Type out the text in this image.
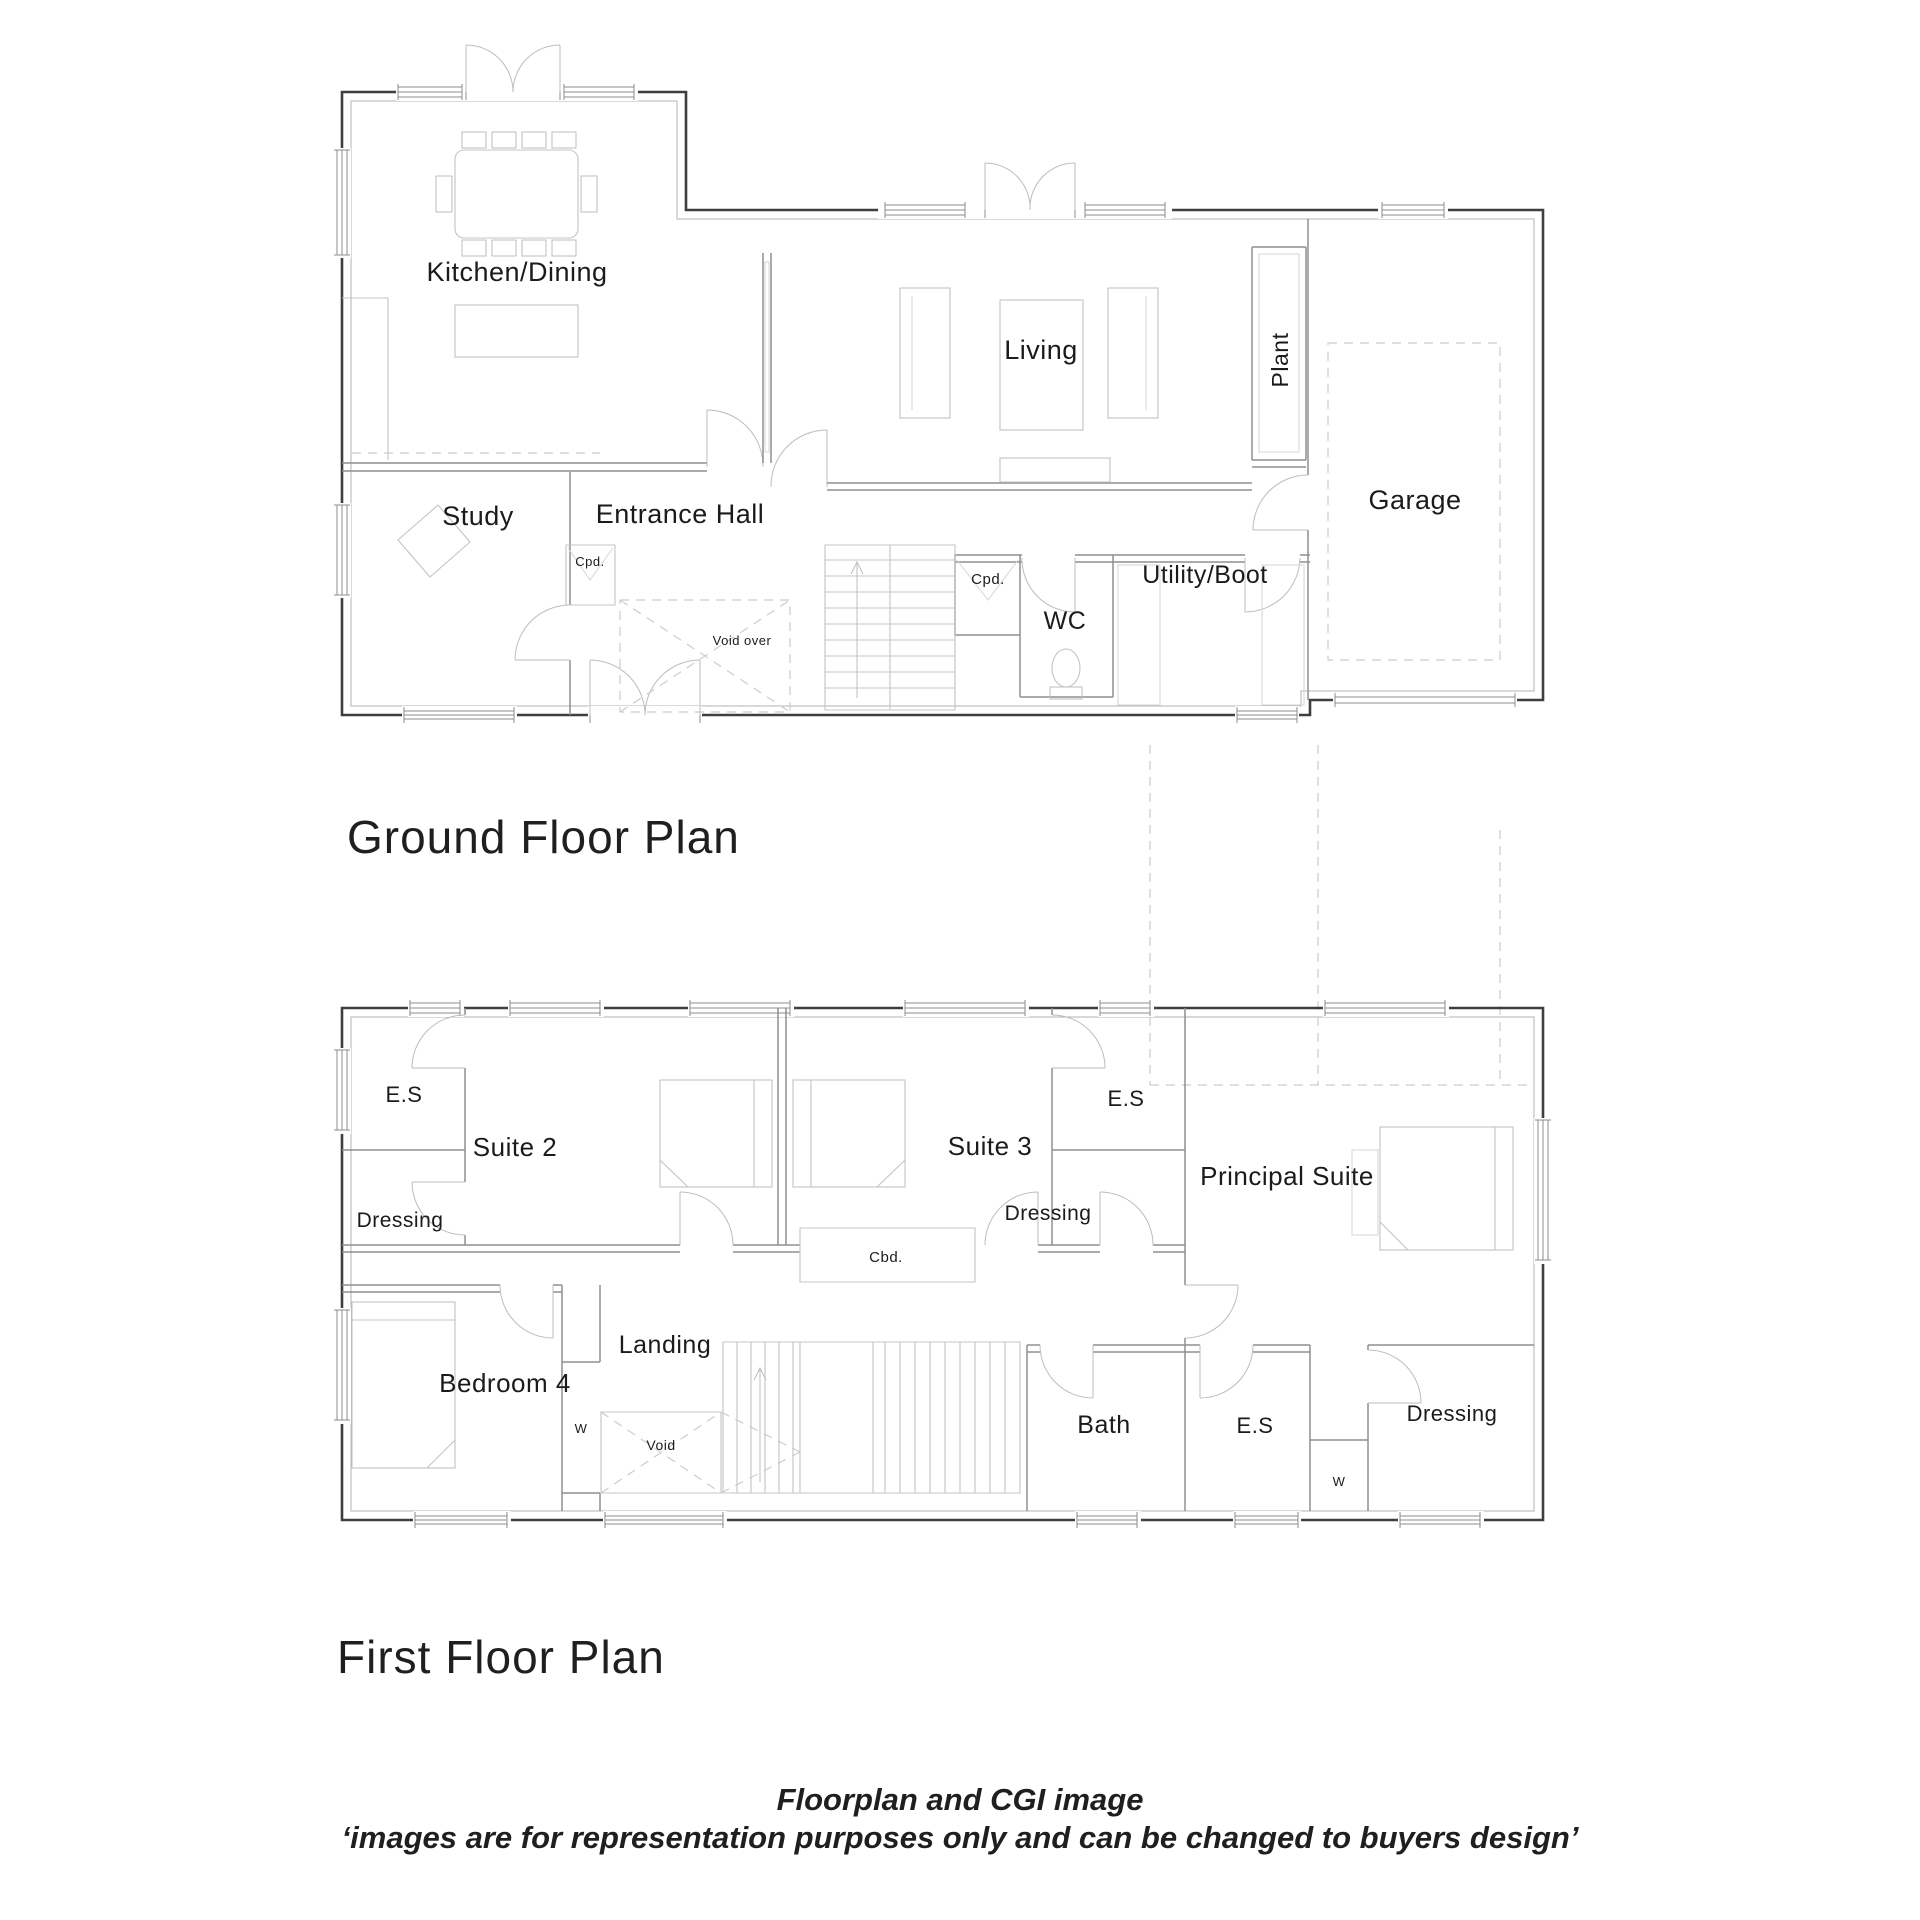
Kitchen/Dining
Living	Plant
Garage
Study	Entrance Hall
Cpd.
Void over
Cpd.
WC
Utility/Boot
E.S
Dressing
Suite 2	Suite 3
E.S
Dressing
Principal Suite
Cbd.
Landing
Bedroom 4
W
Void
Bath	E.S	Dressing
W
Ground Floor Plan
First Floor Plan
Floorplan and CGI image
‘images are for representation purposes only and can be changed to buyers design’
